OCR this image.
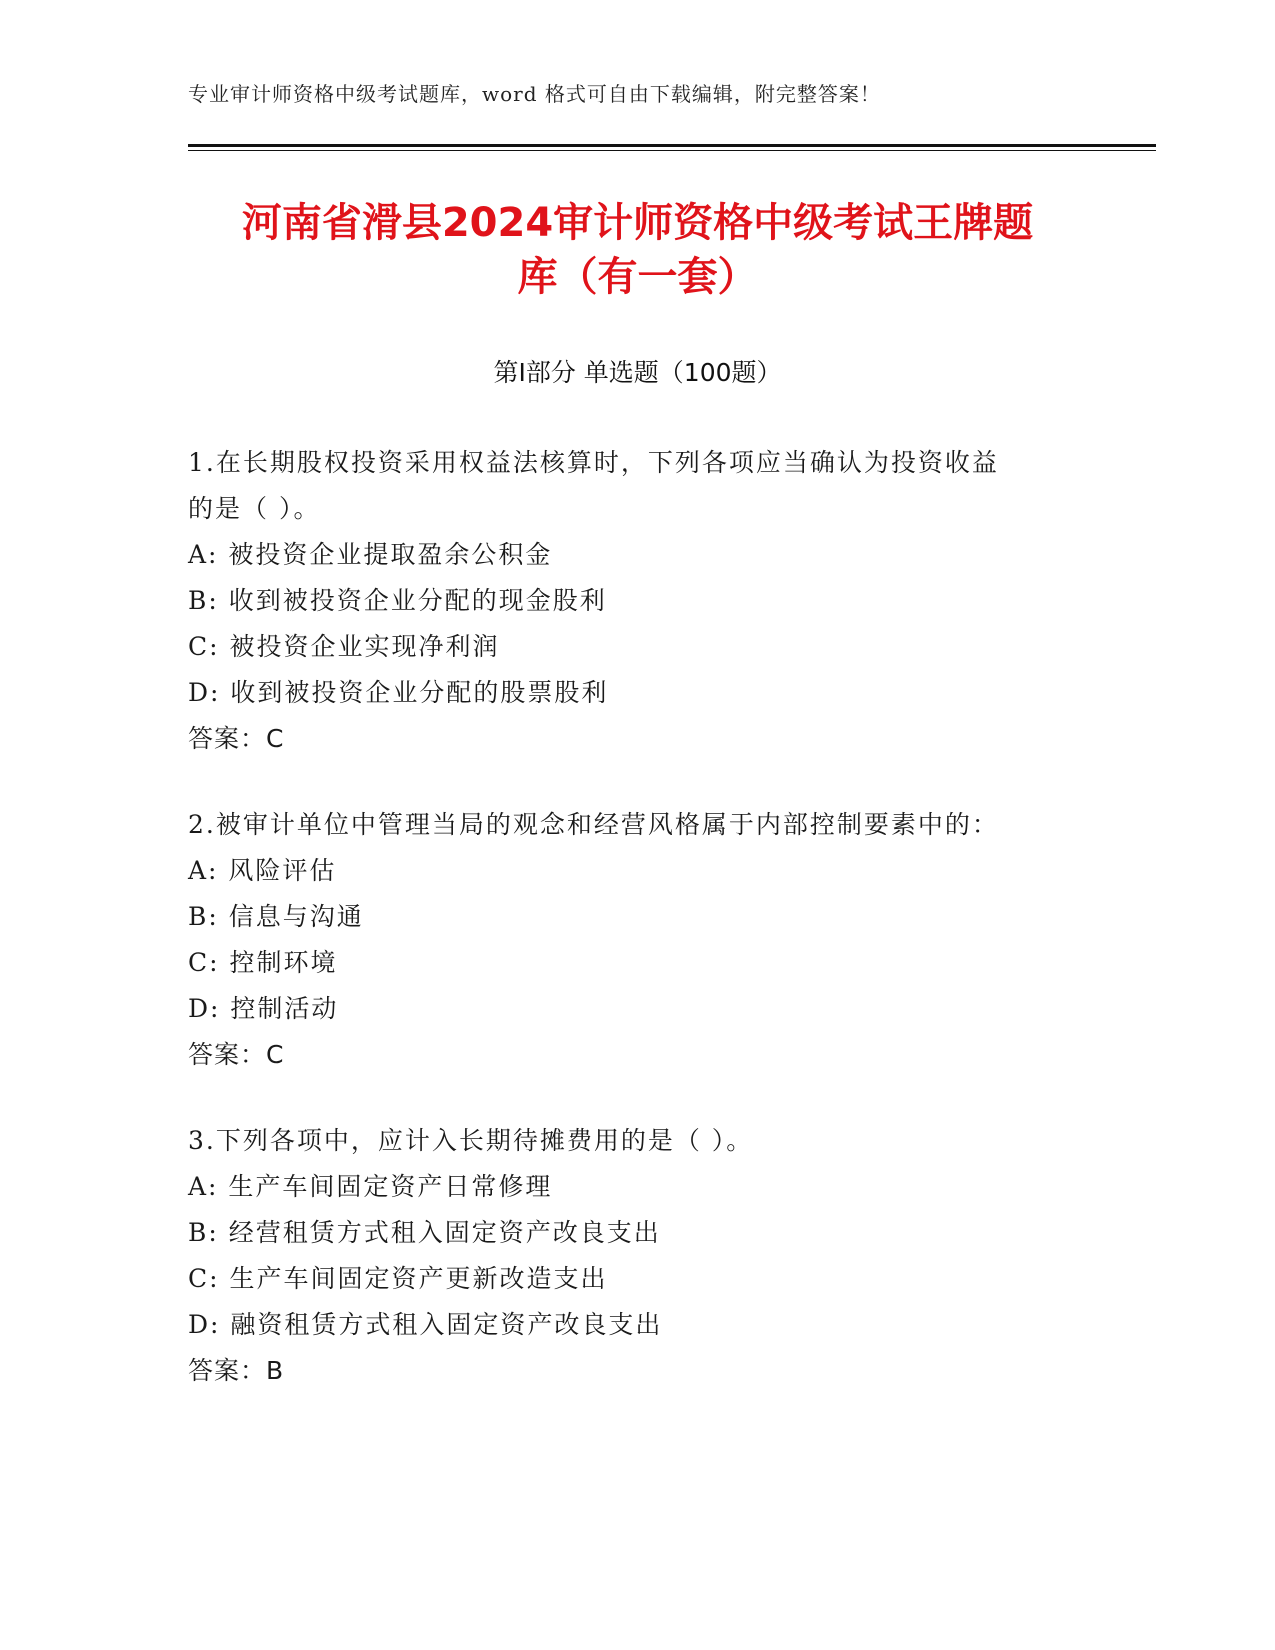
专业审计师资格中级考试题库，word 格式可自由下载编辑，附完整答案！
河南省滑县2024审计师资格中级考试王牌题
库（有一套）
第Ⅰ部分 单选题（100题）
1.在长期股权投资采用权益法核算时，下列各项应当确认为投资收益
的是（ ）。
A: 被投资企业提取盈余公积金
B: 收到被投资企业分配的现金股利
C: 被投资企业实现净利润
D: 收到被投资企业分配的股票股利
答案：C
2.被审计单位中管理当局的观念和经营风格属于内部控制要素中的：
A: 风险评估
B: 信息与沟通
C: 控制环境
D: 控制活动
答案：C
3.下列各项中，应计入长期待摊费用的是（ ）。
A: 生产车间固定资产日常修理
B: 经营租赁方式租入固定资产改良支出
C: 生产车间固定资产更新改造支出
D: 融资租赁方式租入固定资产改良支出
答案：B
